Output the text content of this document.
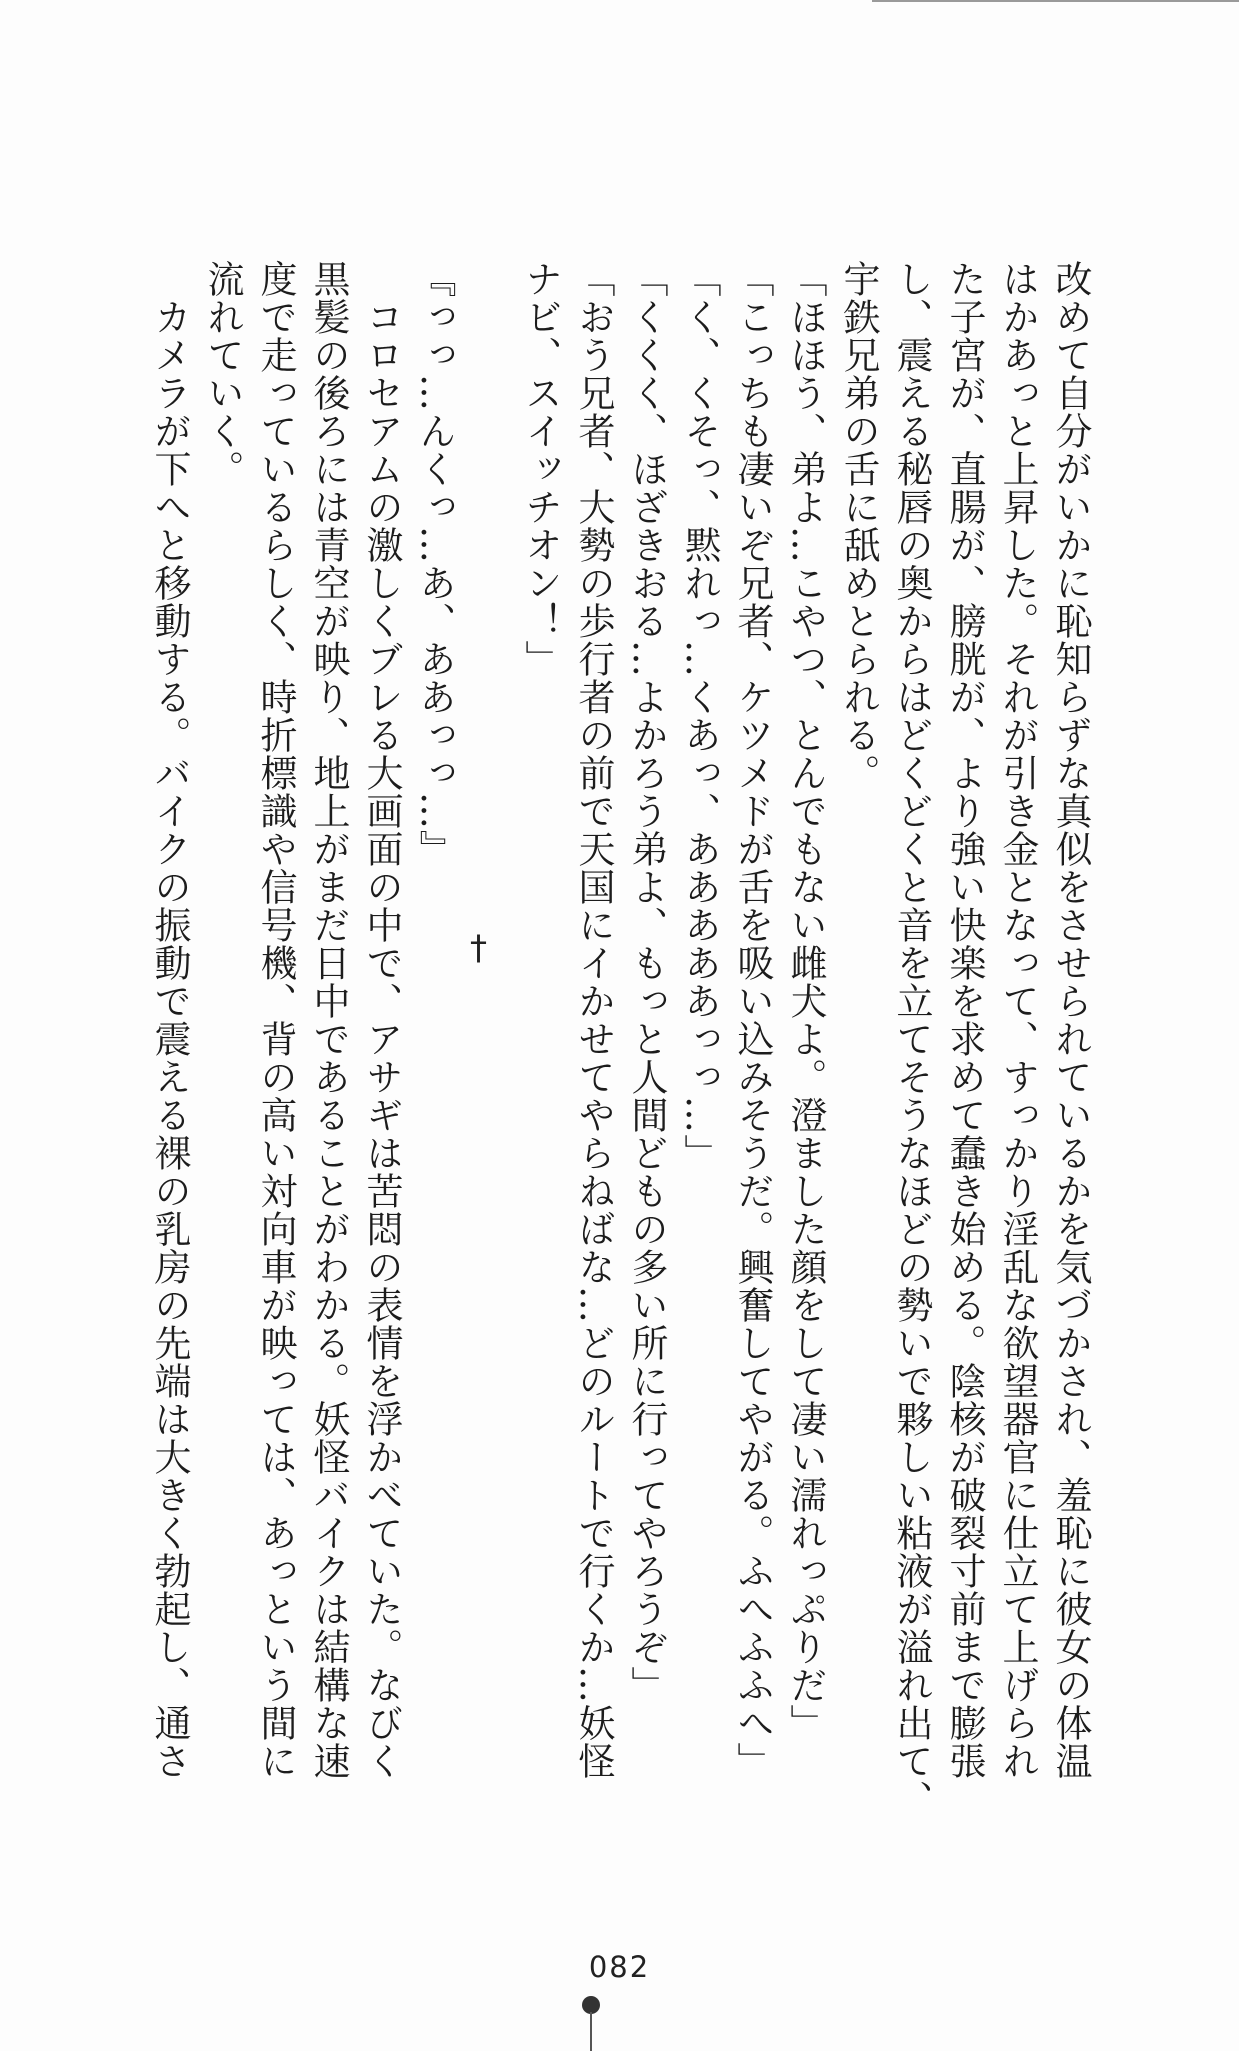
改めて自分がいかに恥知らずな真似をさせられているかを気づかされ、羞恥に彼女の体温
はかあっと上昇した。それが引き金となって、すっかり淫乱な欲望器官に仕立て上げられ
た子宮が、直腸が、膀胱が、より強い快楽を求めて蠢き始める。陰核が破裂寸前まで膨張
し、震える秘唇の奥からはどくどくと音を立てそうなほどの勢いで夥しい粘液が溢れ出て、
宇鉄兄弟の舌に舐めとられる。
「ほほう、弟よ…こやつ、とんでもない雌犬よ。澄ました顔をして凄い濡れっぷりだ」
「こっちも凄いぞ兄者、ケツメドが舌を吸い込みそうだ。興奮してやがる。ふへふふへ」
「く、くそっ、黙れっ…くあっ、あああああっっ…」
「くくく、ほざきおる…よかろう弟よ、もっと人間どもの多い所に行ってやろうぞ」
「おう兄者、大勢の歩行者の前で天国にイかせてやらねばな…どのルートで行くか…妖怪
ナビ、スイッチオン！」
『っっ…んくっ…あ、ああっっ…』
　コロセアムの激しくブレる大画面の中で、アサギは苦悶の表情を浮かべていた。なびく
黒髪の後ろには青空が映り、地上がまだ日中であることがわかる。妖怪バイクは結構な速
度で走っているらしく、時折標識や信号機、背の高い対向車が映っては、あっという間に
流れていく。
　カメラが下へと移動する。バイクの振動で震える裸の乳房の先端は大きく勃起し、通さ	†
082
